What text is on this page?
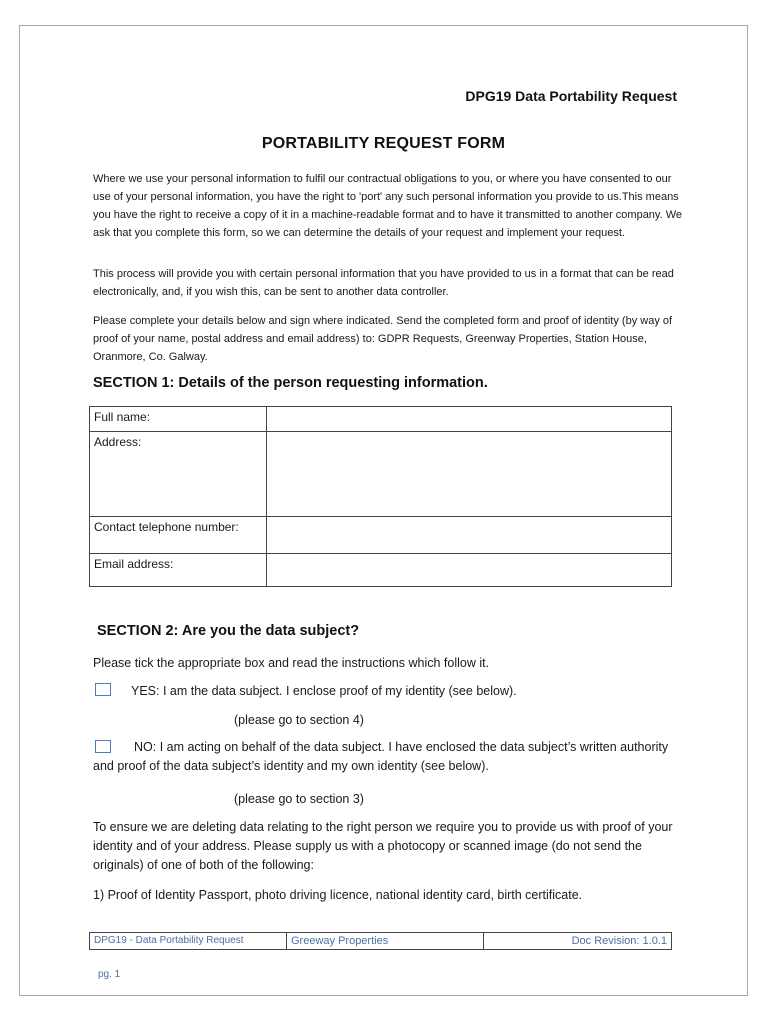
DPG19 Data Portability Request
PORTABILITY REQUEST FORM

Where we use your personal information to fulfil our contractual obligations to you, or where you have consented to our use of your personal information, you have the right to 'port' any such personal information you provide to us.This means you have the right to receive a copy of it in a machine-readable format and to have it transmitted to another company. We ask that you complete this form, so we can determine the details of your request and implement your request.

This process will provide you with certain personal information that you have provided to us in a format that can be read electronically, and, if you wish this, can be sent to another data controller.

Please complete your details below and sign where indicated. Send the completed form and proof of identity (by way of proof of your name, postal address and email address) to: GDPR Requests, Greenway Properties, Station House, Oranmore, Co. Galway.

SECTION 1: Details of the person requesting information.
Full name:	
Address:	
Contact telephone number:	
Email address:	
SECTION 2: Are you the data subject?

Please tick the appropriate box and read the instructions which follow it.

YES: I am the data subject. I enclose proof of my identity (see below).

(please go to section 4)

NO: I am acting on behalf of the data subject. I have enclosed the data subject’s written authority and proof of the data subject’s identity and my own identity (see below).

(please go to section 3)

To ensure we are deleting data relating to the right person we require you to provide us with proof of your identity and of your address. Please supply us with a photocopy or scanned image (do not send the originals) of one of both of the following:

1) Proof of Identity Passport, photo driving licence, national identity card, birth certificate.

DPG19 - Data Portability Request	Greeway Properties	Doc Revision: 1.0.1
pg. 1
